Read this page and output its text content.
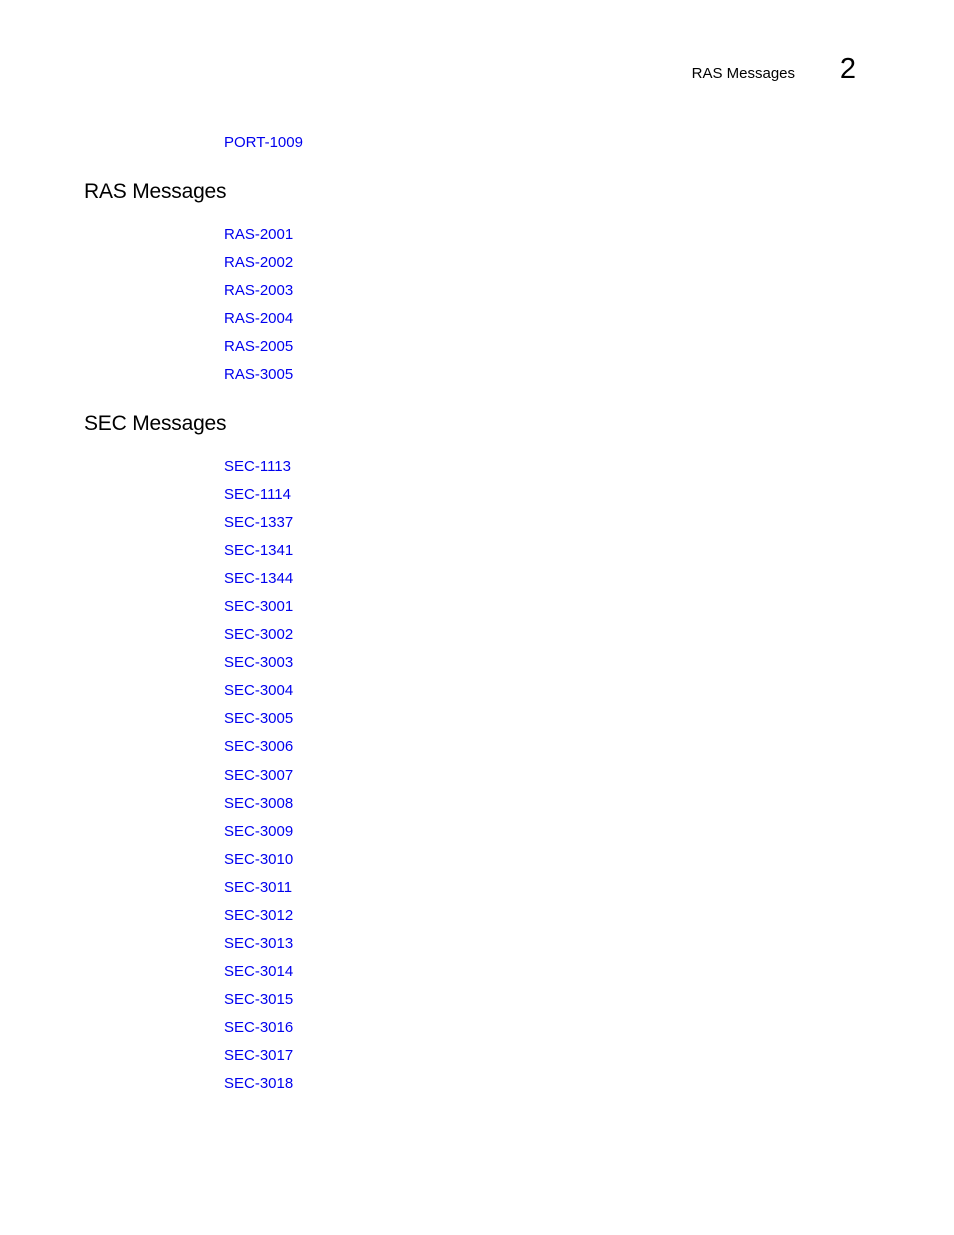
RAS Messages 2
PORT-1009
RAS Messages
RAS-2001
RAS-2002
RAS-2003
RAS-2004
RAS-2005
RAS-3005
SEC Messages
SEC-1113
SEC-1114
SEC-1337
SEC-1341
SEC-1344
SEC-3001
SEC-3002
SEC-3003
SEC-3004
SEC-3005
SEC-3006
SEC-3007
SEC-3008
SEC-3009
SEC-3010
SEC-3011
SEC-3012
SEC-3013
SEC-3014
SEC-3015
SEC-3016
SEC-3017
SEC-3018
